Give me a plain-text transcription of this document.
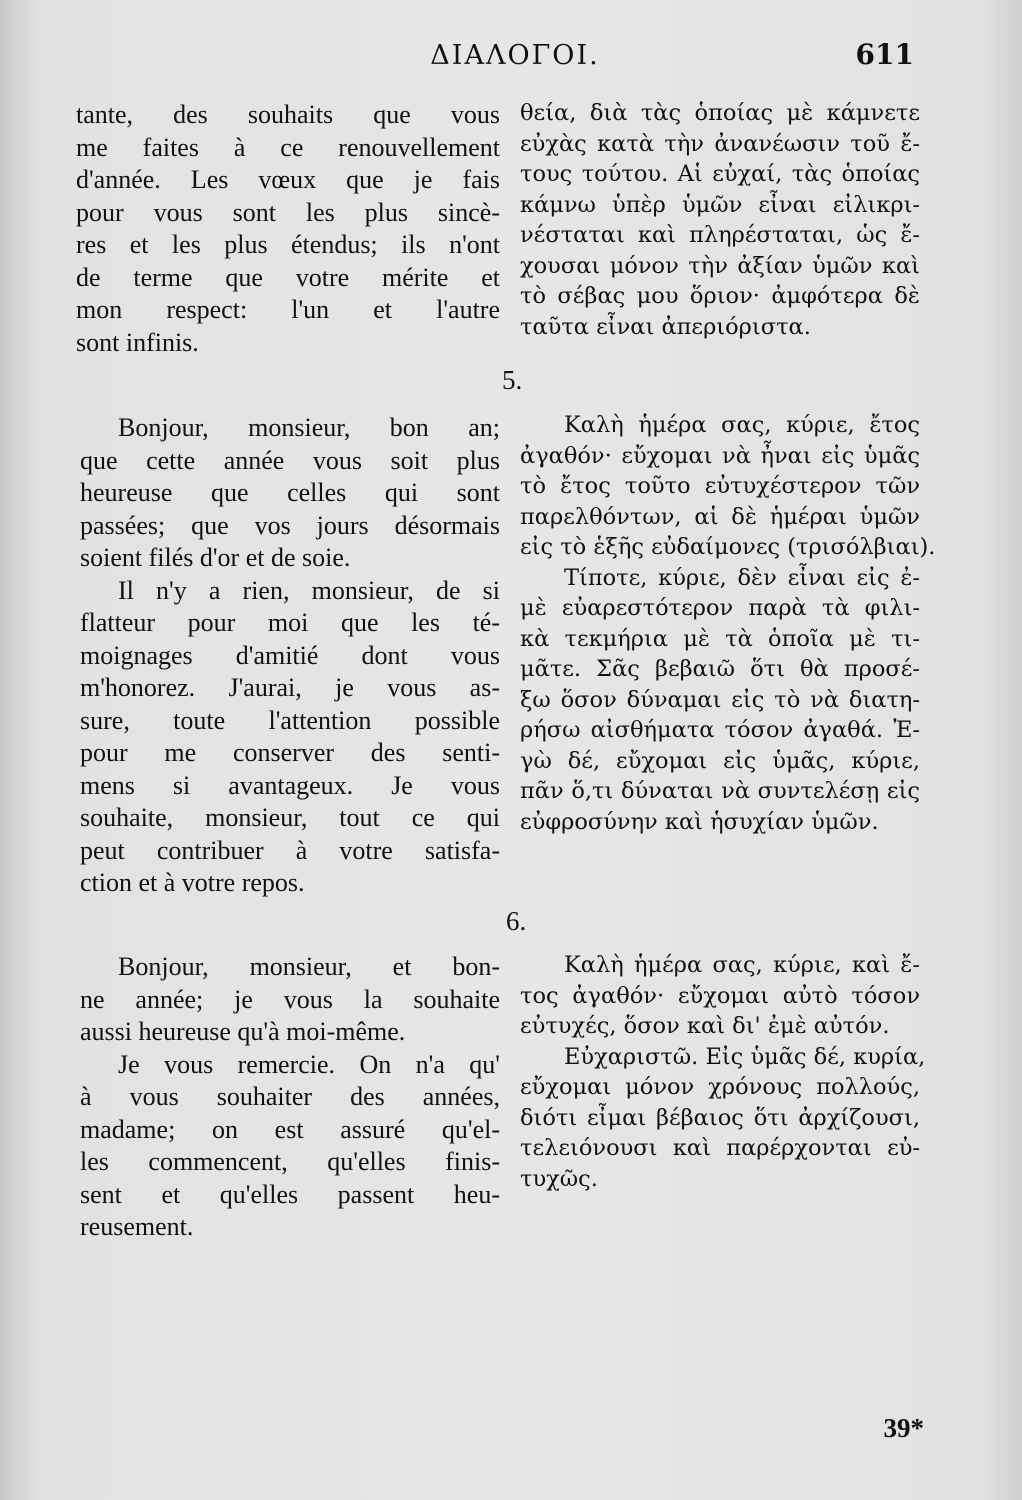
ΔΙΑΛΟΓΟΙ.	611
tante, des souhaits que vous
me faites à ce renouvellement
d'année. Les vœux que je fais
pour vous sont les plus sincè-
res et les plus étendus; ils n'ont
de terme que votre mérite et
mon respect: l'un et l'autre
sont infinis.
θεία, διὰ τὰς ὁποίας μὲ κάμνετε
εὐχὰς κατὰ τὴν ἀνανέωσιν τοῦ ἔ-
τους τούτου. Αἱ εὐχαί, τὰς ὁποίας
κάμνω ὑπὲρ ὑμῶν εἶναι εἰλικρι-
νέσταται καὶ πληρέσταται, ὡς ἔ-
χουσαι μόνον τὴν ἀξίαν ὑμῶν καὶ
τὸ σέβας μου ὅριον· ἀμφότερα δὲ
ταῦτα εἶναι ἀπεριόριστα.
5.
Bonjour, monsieur, bon an;
que cette année vous soit plus
heureuse que celles qui sont
passées; que vos jours désormais
soient filés d'or et de soie.
Il n'y a rien, monsieur, de si
flatteur pour moi que les té-
moignages d'amitié dont vous
m'honorez. J'aurai, je vous as-
sure, toute l'attention possible
pour me conserver des senti-
mens si avantageux. Je vous
souhaite, monsieur, tout ce qui
peut contribuer à votre satisfa-
ction et à votre repos.
Καλὴ ἡμέρα σας, κύριε, ἔτος
ἀγαθόν· εὔχομαι νὰ ἦναι εἰς ὑμᾶς
τὸ ἔτος τοῦτο εὐτυχέστερον τῶν
παρελθόντων, αἱ δὲ ἡμέραι ὑμῶν
εἰς τὸ ἑξῆς εὐδαίμονες (τρισόλβιαι).
Τίποτε, κύριε, δὲν εἶναι εἰς ἐ-
μὲ εὐαρεστότερον παρὰ τὰ φιλι-
κὰ τεκμήρια μὲ τὰ ὁποῖα μὲ τι-
μᾶτε. Σᾶς βεβαιῶ ὅτι θὰ προσέ-
ξω ὅσον δύναμαι εἰς τὸ νὰ διατη-
ρήσω αἰσθήματα τόσον ἀγαθά. Ἐ-
γὼ δέ, εὔχομαι εἰς ὑμᾶς, κύριε,
πᾶν ὅ,τι δύναται νὰ συντελέσῃ εἰς
εὐφροσύνην καὶ ἡσυχίαν ὑμῶν.
6.
Bonjour, monsieur, et bon-
ne année; je vous la souhaite
aussi heureuse qu'à moi-même.
Je vous remercie. On n'a qu'
à vous souhaiter des années,
madame; on est assuré qu'el-
les commencent, qu'elles finis-
sent et qu'elles passent heu-
reusement.
Καλὴ ἡμέρα σας, κύριε, καὶ ἔ-
τος ἀγαθόν· εὔχομαι αὐτὸ τόσον
εὐτυχές, ὅσον καὶ δι' ἐμὲ αὐτόν.
Εὐχαριστῶ. Εἰς ὑμᾶς δέ, κυρία,
εὔχομαι μόνον χρόνους πολλούς,
διότι εἶμαι βέβαιος ὅτι ἀρχίζουσι,
τελειόνουσι καὶ παρέρχονται εὐ-
τυχῶς.
39*
